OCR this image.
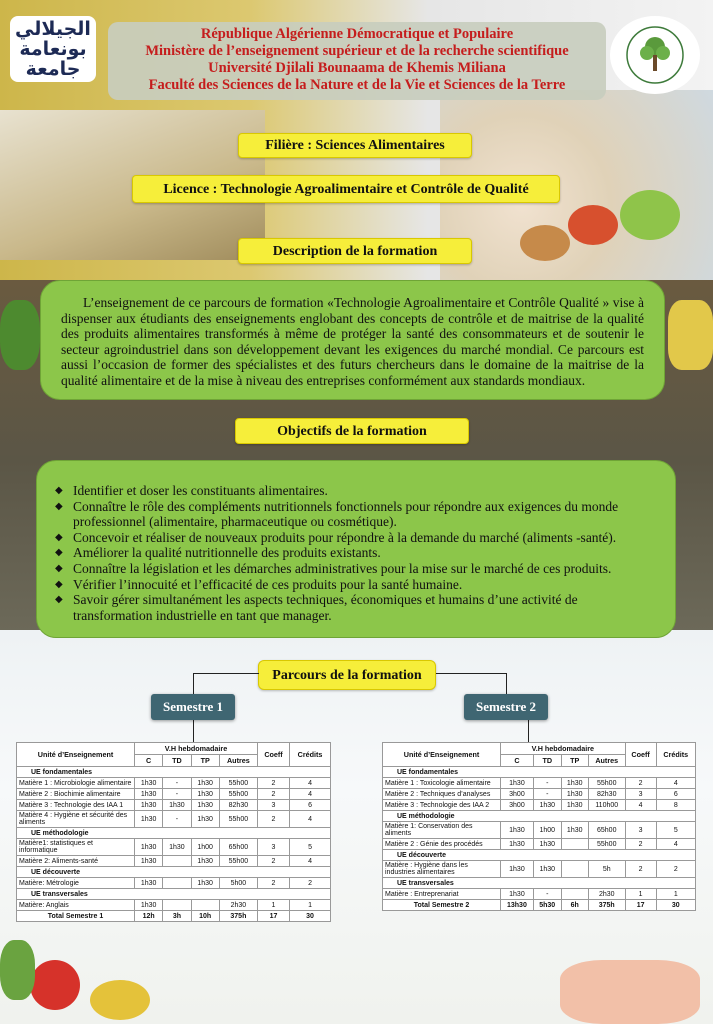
الجيلالي
بونعامة
جامعة
République Algérienne Démocratique et Populaire
Ministère de l’enseignement supérieur et de la recherche scientifique
Université Djilali Bounaama de Khemis Miliana
Faculté des Sciences de la Nature et de la Vie et Sciences de la Terre
Filière : Sciences Alimentaires
Licence : Technologie Agroalimentaire et Contrôle de Qualité
Description de la formation
L’enseignement de ce parcours de formation «Technologie Agroalimentaire et Contrôle Qualité » vise à dispenser aux étudiants des enseignements englobant des concepts de contrôle et de maitrise de la qualité des produits alimentaires transformés à même de protéger la santé des consommateurs et de soutenir le secteur agroindustriel dans son développement devant les exigences du marché mondial. Ce parcours est aussi l’occasion de former des spécialistes et des futurs chercheurs dans le domaine de la maitrise de la qualité alimentaire et de la mise à niveau des entreprises conformément aux standards mondiaux.
Objectifs de la formation
◆ Identifier et doser les constituants alimentaires.
◆ Connaître le rôle des compléments nutritionnels fonctionnels pour répondre aux exigences du monde professionnel (alimentaire, pharmaceutique ou cosmétique).
◆ Concevoir et réaliser de nouveaux produits pour répondre à la demande du marché (aliments -santé).
◆ Améliorer la qualité nutritionnelle des produits existants.
◆ Connaître la législation et les démarches administratives pour la mise sur le marché de ces produits.
◆ Vérifier l’innocuité et l’efficacité de ces produits pour la santé humaine.
◆ Savoir gérer simultanément les aspects techniques, économiques et humains d’une activité de transformation industrielle en tant que manager.
Parcours de la formation
Semestre 1	Semestre 2
Unité d’Enseignement	V.H hebdomadaire				Coeff	Crédits
	C	TD	TP	Autres		
UE fondamentales						
Matière 1 : Microbiologie alimentaire	1h30	-	1h30	55h00	2	4
Matière 2 : Biochimie alimentaire	1h30	-	1h30	55h00	2	4
Matière 3 : Technologie des IAA 1	1h30	1h30	1h30	82h30	3	6
Matière 4 : Hygiène et sécurité des aliments	1h30	-	1h30	55h00	2	4
UE méthodologie						
Matière1: statistiques et informatique	1h30	1h30	1h00	65h00	3	5
Matière 2: Aliments-santé	1h30		1h30	55h00	2	4
UE découverte						
Matière: Métrologie	1h30		1h30	5h00	2	2
UE transversales						
Matière: Anglais	1h30			2h30	1	1
Total Semestre 1	12h	3h	10h	375h	17	30
Unité d’Enseignement	V.H hebdomadaire				Coeff	Crédits
	C	TD	TP	Autres		
UE fondamentales						
Matière 1 : Toxicologie alimentaire	1h30	-	1h30	55h00	2	4
Matière 2 : Techniques d’analyses	3h00	-	1h30	82h30	3	6
Matière 3 : Technologie des IAA 2	3h00	1h30	1h30	110h00	4	8
UE méthodologie						
Matière 1: Conservation des aliments	1h30	1h00	1h30	65h00	3	5
Matière 2 : Génie des procédés	1h30	1h30		55h00	2	4
UE découverte						
Matière : Hygiène dans les industries alimentaires	1h30	1h30		5h	2	2
UE transversales						
Matière : Entreprenariat	1h30	-		2h30	1	1
Total Semestre 2	13h30	5h30	6h	375h	17	30
